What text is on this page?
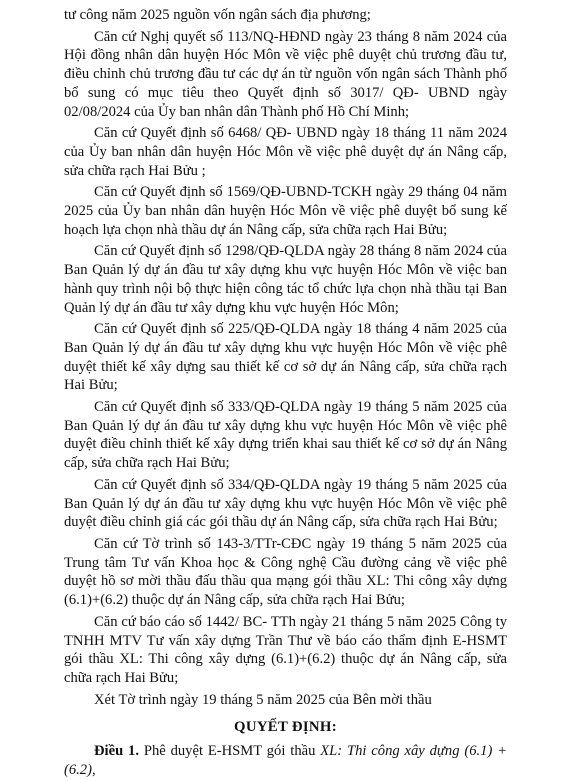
tư công năm 2025 nguồn vốn ngân sách địa phương;

Căn cứ Nghị quyết số 113/NQ-HĐND ngày 23 tháng 8 năm 2024 của Hội đồng nhân dân huyện Hóc Môn về việc phê duyệt chủ trương đầu tư, điều chỉnh chủ trương đầu tư các dự án từ nguồn vốn ngân sách Thành phố bổ sung có mục tiêu theo Quyết định số 3017/ QĐ- UBND ngày 02/08/2024 của Ủy ban nhân dân Thành phố Hồ Chí Minh;

Căn cứ Quyết định số 6468/ QĐ- UBND ngày 18 tháng 11 năm 2024 của Ủy ban nhân dân huyện Hóc Môn về việc phê duyệt dự án Nâng cấp, sửa chữa rạch Hai Bửu ;

Căn cứ Quyết định số 1569/QĐ-UBND-TCKH ngày 29 tháng 04 năm 2025 của Ủy ban nhân dân huyện Hóc Môn về việc phê duyệt bổ sung kế hoạch lựa chọn nhà thầu dự án Nâng cấp, sửa chữa rạch Hai Bửu;

Căn cứ Quyết định số 1298/QĐ-QLDA ngày 28 tháng 8 năm 2024 của Ban Quản lý dự án đầu tư xây dựng khu vực huyện Hóc Môn về việc ban hành quy trình nội bộ thực hiện công tác tổ chức lựa chọn nhà thầu tại Ban Quản lý dự án đầu tư xây dựng khu vực huyện Hóc Môn;

Căn cứ Quyết định số 225/QĐ-QLDA ngày 18 tháng 4 năm 2025 của Ban Quản lý dự án đầu tư xây dựng khu vực huyện Hóc Môn về việc phê duyệt thiết kế xây dựng sau thiết kế cơ sở dự án Nâng cấp, sửa chữa rạch Hai Bửu;

Căn cứ Quyết định số 333/QĐ-QLDA ngày 19 tháng 5 năm 2025 của Ban Quản lý dự án đầu tư xây dựng khu vực huyện Hóc Môn về việc phê duyệt điều chỉnh thiết kế xây dựng triển khai sau thiết kế cơ sở dự án Nâng cấp, sửa chữa rạch Hai Bửu;

Căn cứ Quyết định số 334/QĐ-QLDA ngày 19 tháng 5 năm 2025 của Ban Quản lý dự án đầu tư xây dựng khu vực huyện Hóc Môn về việc phê duyệt điều chỉnh giá các gói thầu dự án Nâng cấp, sửa chữa rạch Hai Bửu;

Căn cứ Tờ trình số 143-3/TTr-CĐC ngày 19 tháng 5 năm 2025 của Trung tâm Tư vấn Khoa học & Công nghệ Cầu đường cảng về việc phê duyệt hồ sơ mời thầu đấu thầu qua mạng gói thầu XL: Thi công xây dựng (6.1)+(6.2) thuộc dự án Nâng cấp, sửa chữa rạch Hai Bửu;

Căn cứ báo cáo số 1442/ BC- TTh ngày 21 tháng 5 năm 2025 Công ty TNHH MTV Tư vấn xây dựng Trần Thư về báo cáo thẩm định E-HSMT gói thầu XL: Thi công xây dựng (6.1)+(6.2) thuộc dự án Nâng cấp, sửa chữa rạch Hai Bửu;

Xét Tờ trình ngày 19 tháng 5 năm 2025 của Bên mời thầu

QUYẾT ĐỊNH:

Điều 1. Phê duyệt E-HSMT gói thầu XL: Thi công xây dựng (6.1) + (6.2),
